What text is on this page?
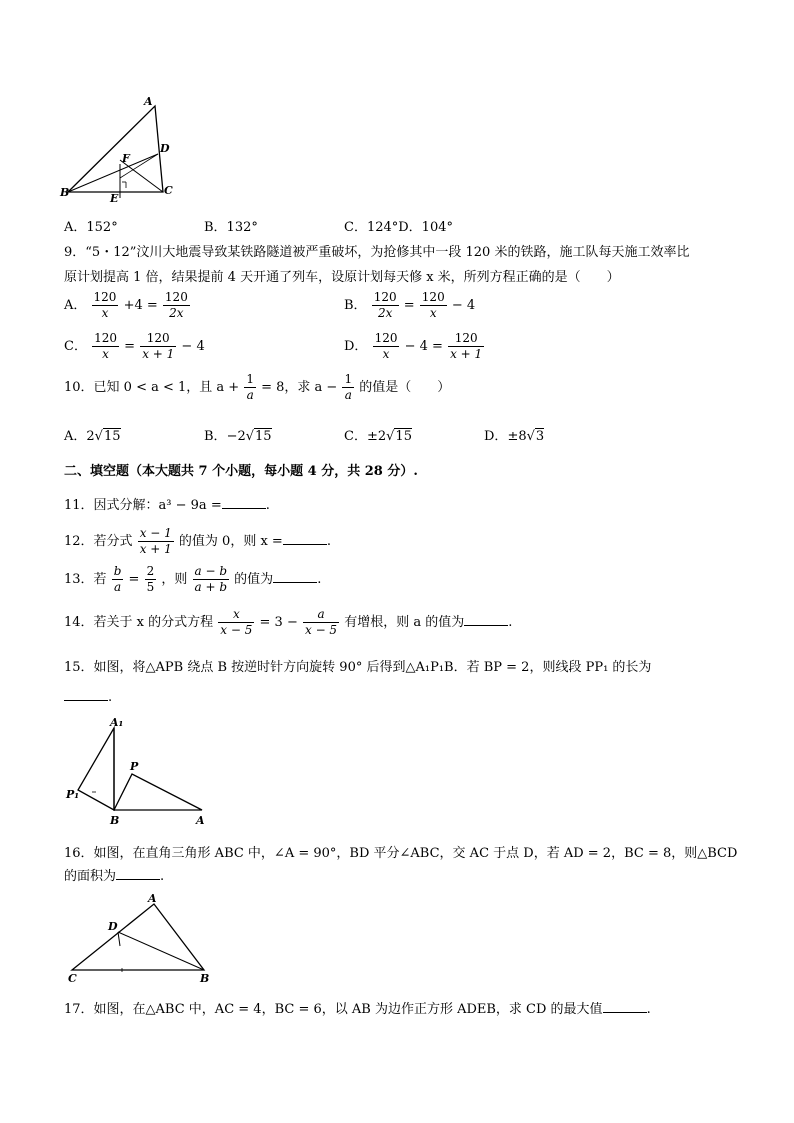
A
D
F
B	E
C
A．152°	B．132°	C．124°D．104°
9．“5・12”汶川大地震导致某铁路隧道被严重破坏，为抢修其中一段 120 米的铁路，施工队每天施工效率比
原计划提高 1 倍，结果提前 4 天开通了列车，设原计划每天修 x 米，所列方程正确的是（　　）
A． $\frac{120}{x} +4 = \frac{120}{2x}$	B． $\frac{120}{2x} = \frac{120}{x} - 4$
C． $\frac{120}{x} = \frac{120}{x + 1} - 4$	D． $\frac{120}{x} - 4 = \frac{120}{x + 1}$
10．已知 0 < a < 1，且 $a + \frac{1}{a} = 8$，求 $a - \frac{1}{a}$ 的值是（　　）
A．2√15	B．−2√15	C．±2√15	D．±8√3
二、填空题（本大题共 7 个小题，每小题 4 分，共 28 分）.
11．因式分解：a³ − 9a =	.
12．若分式 $\frac{x - 1}{x + 1}$ 的值为 0，则 x =	.
13．若 $\frac{b}{a} = \frac{2}{5}$ ，则 $\frac{a - b}{a + b}$ 的值为	.
14．若关于 x 的分式方程 $\frac{x}{x - 5} = 3 - \frac{a}{x - 5}$ 有增根，则 a 的值为	.
15．如图，将△APB 绕点 B 按逆时针方向旋转 90° 后得到△A₁P₁B．若 BP = 2，则线段 PP₁ 的长为
.
A₁
P
P₁
B	A
16．如图，在直角三角形 ABC 中，∠A = 90°，BD 平分∠ABC，交 AC 于点 D，若 AD = 2，BC = 8，则△BCD
的面积为	.
A
D
C	B
17．如图，在△ABC 中，AC = 4，BC = 6，以 AB 为边作正方形 ADEB，求 CD 的最大值	.
